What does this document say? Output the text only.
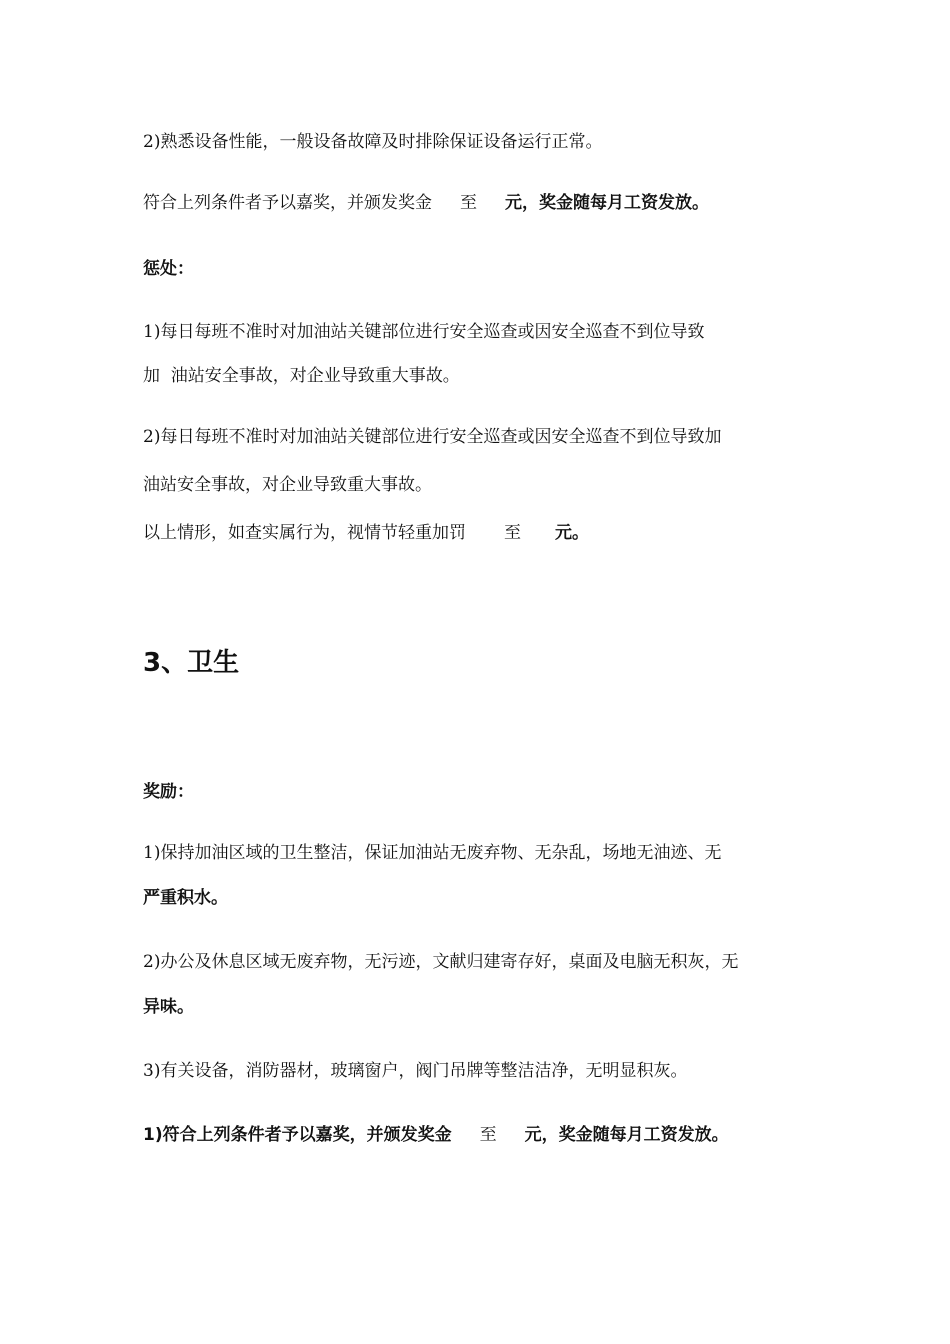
2)熟悉设备性能，一般设备故障及时排除保证设备运行正常。
符合上列条件者予以嘉奖，并颁发奖金 至 元，奖金随每月工资发放。
惩处：
1)每日每班不准时对加油站关键部位进行安全巡查或因安全巡查不到位导致
加  油站安全事故，对企业导致重大事故。
2)每日每班不准时对加油站关键部位进行安全巡查或因安全巡查不到位导致加
油站安全事故，对企业导致重大事故。
以上情形，如查实属行为，视情节轻重加罚 至 元。
3、卫生
奖励：
1)保持加油区域的卫生整洁，保证加油站无废弃物、无杂乱，场地无油迹、无
严重积水。
2)办公及休息区域无废弃物，无污迹，文献归建寄存好，桌面及电脑无积灰，无
异味。
3)有关设备，消防器材，玻璃窗户，阀门吊牌等整洁洁净，无明显积灰。
1)符合上列条件者予以嘉奖，并颁发奖金 至 元，奖金随每月工资发放。
